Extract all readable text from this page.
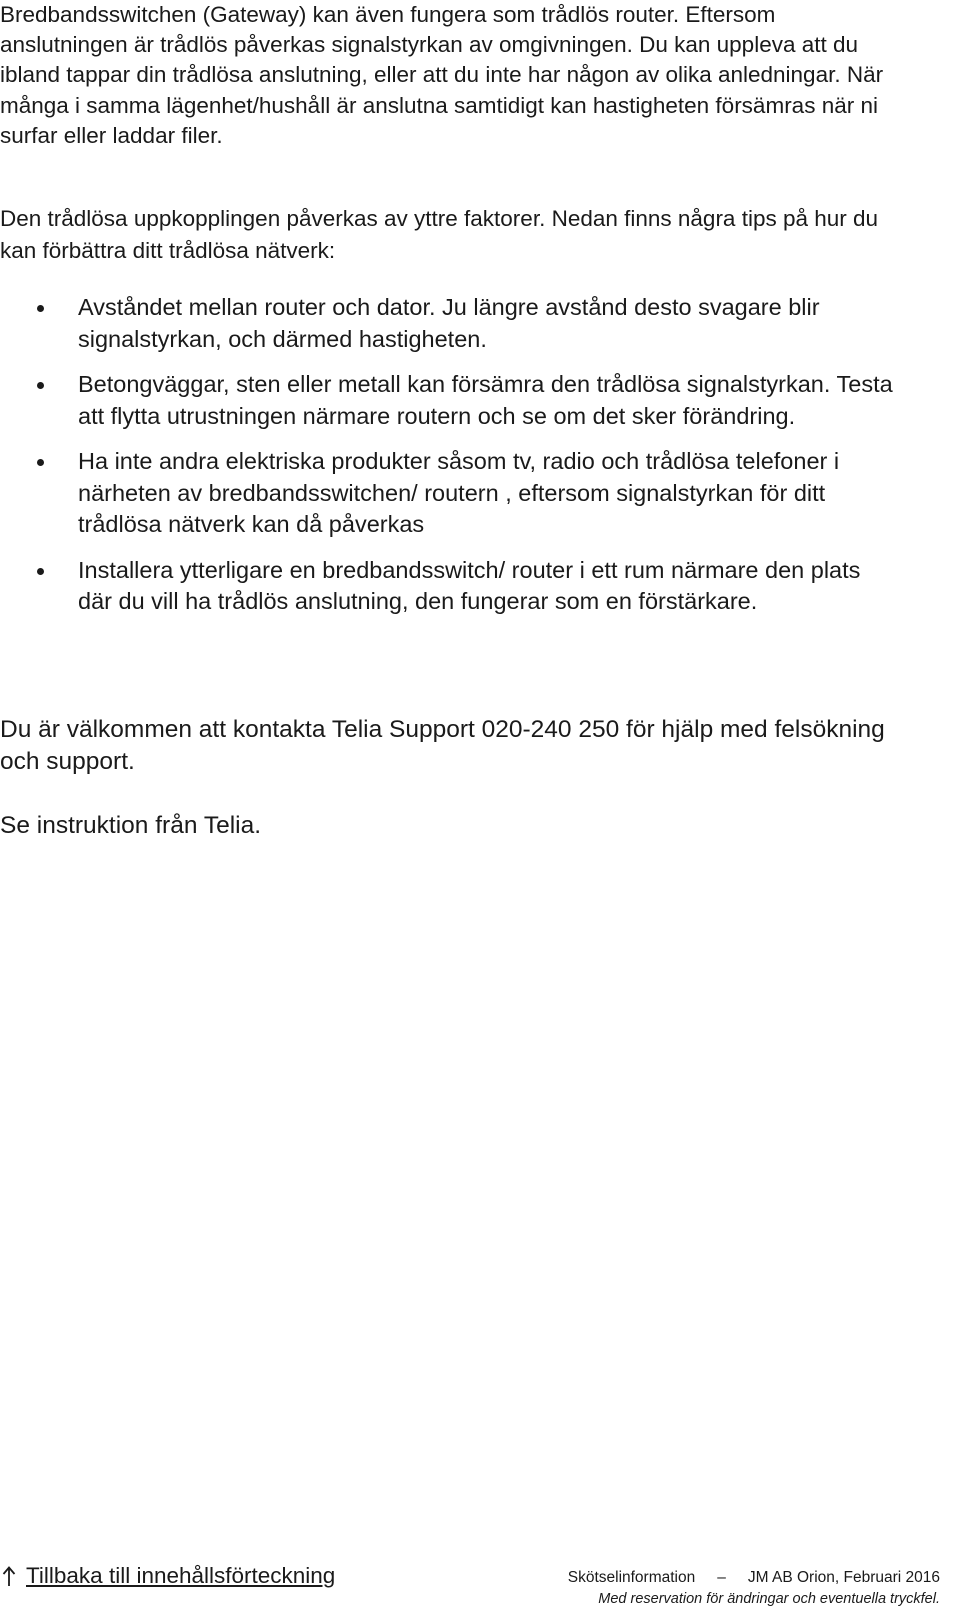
Bredbandsswitchen (Gateway) kan även fungera som trådlös router. Eftersom anslutningen är trådlös påverkas signalstyrkan av omgivningen. Du kan uppleva att du ibland tappar din trådlösa anslutning, eller att du inte har någon av olika anledningar. När många i samma lägenhet/hushåll är anslutna samtidigt kan hastigheten försämras när ni surfar eller laddar filer.

Den trådlösa uppkopplingen påverkas av yttre faktorer. Nedan finns några tips på hur du kan förbättra ditt trådlösa nätverk:

Avståndet mellan router och dator. Ju längre avstånd desto svagare blir signalstyrkan, och därmed hastigheten.
Betongväggar, sten eller metall kan försämra den trådlösa signalstyrkan. Testa att flytta utrustningen närmare routern och se om det sker förändring.
Ha inte andra elektriska produkter såsom tv, radio och trådlösa telefoner i närheten av bredbandsswitchen/ routern , eftersom signalstyrkan för ditt trådlösa nätverk kan då påverkas
Installera ytterligare en bredbandsswitch/ router i ett rum närmare den plats där du vill ha trådlös anslutning, den fungerar som en förstärkare.

Du är välkommen att kontakta Telia Support 020-240 250 för hjälp med felsökning och support.

Se instruktion från Telia.

Tillbaka till innehållsförteckning	Skötselinformation – JM AB Orion, Februari 2016

Med reservation för ändringar och eventuella tryckfel.
